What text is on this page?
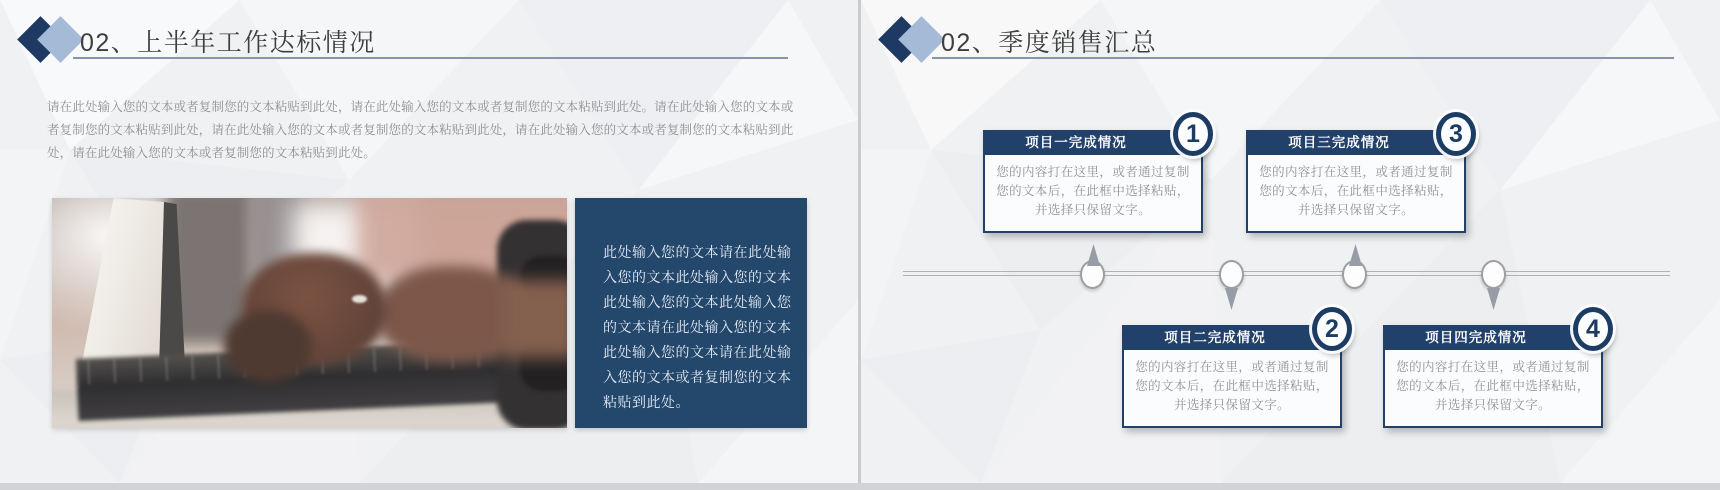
02、上半年工作达标情况

请在此处输入您的文本或者复制您的文本粘贴到此处，请在此处输入您的文本或者复制您的文本粘贴到此处。请在此处输入您的文本或者复制您的文本粘贴到此处，请在此处输入您的文本或者复制您的文本粘贴到此处，请在此处输入您的文本或者复制您的文本粘贴到此处，请在此处输入您的文本或者复制您的文本粘贴到此处。

此处输入您的文本请在此处输入您的文本此处输入您的文本此处输入您的文本此处输入您的文本请在此处输入您的文本此处输入您的文本请在此处输入您的文本或者复制您的文本粘贴到此处。

02、季度销售汇总
项目一完成情况	1

您的内容打在这里，或者通过复制您的文本后，在此框中选择粘贴，并选择只保留文字。

项目三完成情况	3

您的内容打在这里，或者通过复制您的文本后，在此框中选择粘贴，并选择只保留文字。

项目二完成情况	2

您的内容打在这里，或者通过复制您的文本后，在此框中选择粘贴，并选择只保留文字。

项目四完成情况	4

您的内容打在这里，或者通过复制您的文本后，在此框中选择粘贴，并选择只保留文字。
